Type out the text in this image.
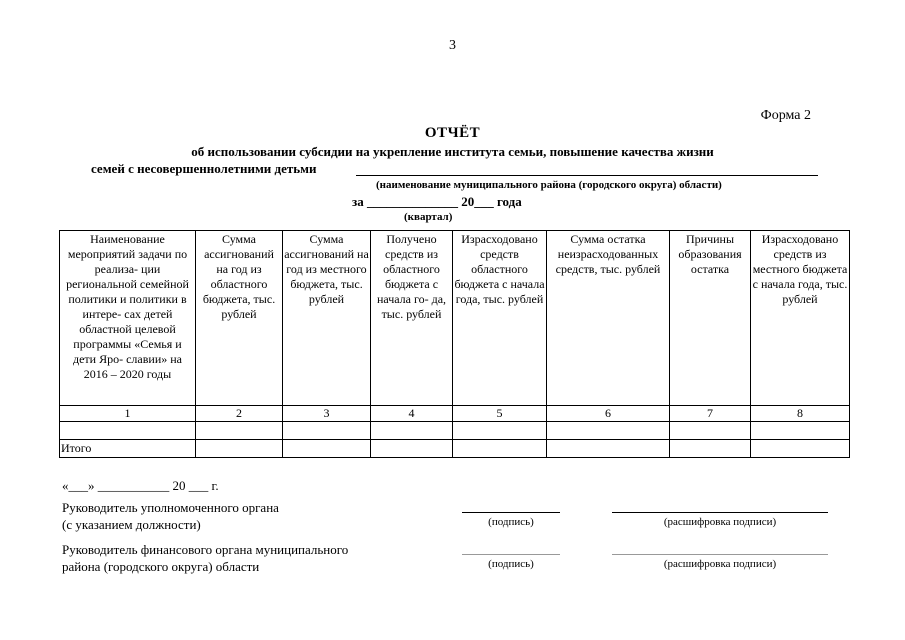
3
Форма 2
ОТЧЁТ
об использовании субсидии на укрепление института семьи, повышение качества жизни
семей с несовершеннолетними детьми
(наименование муниципального района (городского округа) области)
за ______________ 20___ года
(квартал)
Наименование мероприятий задачи по реализа- ции региональной семейной политики и политики в интере- сах детей областной целевой программы «Семья и дети Яро- славии» на 2016 – 2020 годы	Сумма ассигнований на год из областного бюджета, тыс. рублей	Сумма ассигнований на год из местного бюджета, тыс. рублей	Получено средств из областного бюджета с начала го- да, тыс. рублей	Израсходовано средств областного бюджета с начала года, тыс. рублей	Сумма остатка неизрасходованных средств, тыс. рублей	Причины образования остатка	Израсходовано средств из местного бюджета с начала года, тыс. рублей
1	2	3	4	5	6	7	8

Итого							
«___» ___________ 20 ___ г.
Руководитель уполномоченного органа
(с указанием должности)	(подпись)	(расшифровка подписи)
Руководитель финансового органа муниципального
района (городского округа) области	(подпись)	(расшифровка подписи)
